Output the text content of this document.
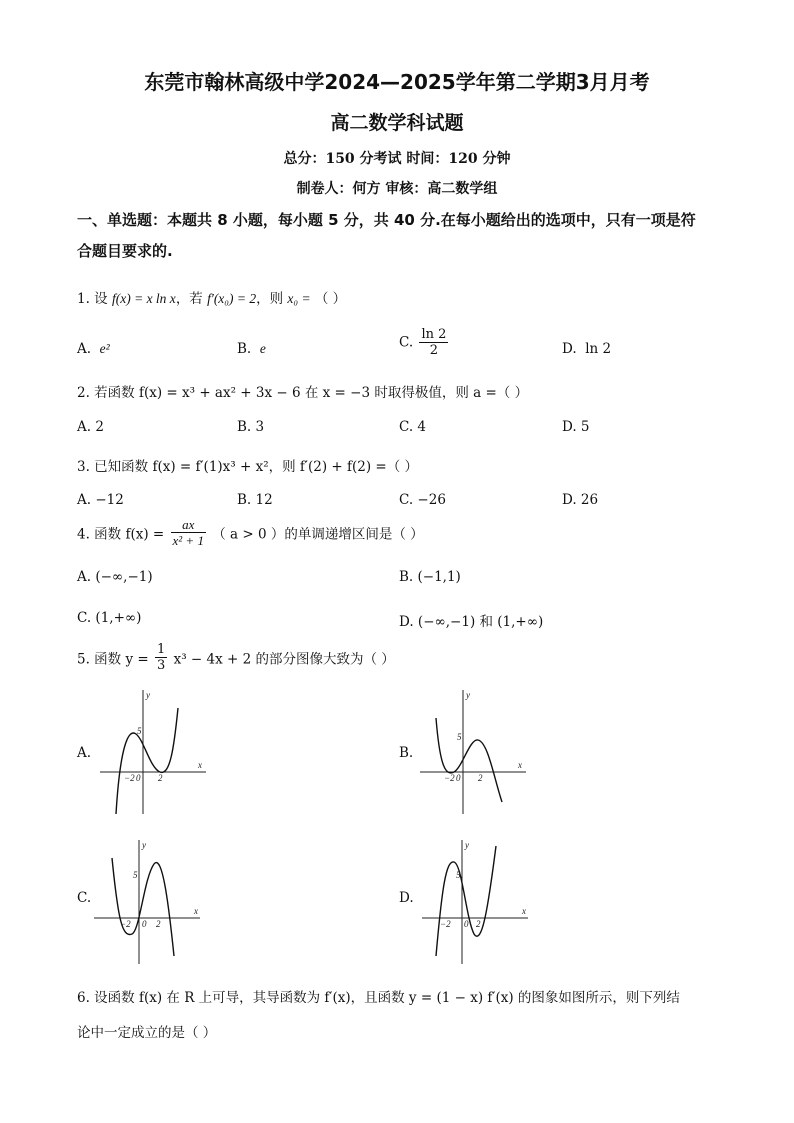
东莞市翰林高级中学2024—2025学年第二学期3月月考
高二数学科试题
总分：150 分考试 时间：120 分钟
制卷人：何方 审核：高二数学组
一、单选题：本题共 8 小题，每小题 5 分，共 40 分.在每小题给出的选项中，只有一项是符
合题目要求的.
1. 设 f(x) = x ln x，若 f′(x₀) = 2，则 x₀ = （ ）
A. e²	B. e	C. $\frac{\ln 2}{2}$	D. ln 2
2. 若函数 f(x) = x³ + ax² + 3x − 6 在 x = −3 时取得极值，则 a =（ ）
A. 2	B. 3	C. 4	D. 5
3. 已知函数 f(x) = f′(1)x³ + x²，则 f′(2) + f(2) =（ ）
A. −12	B. 12	C. −26	D. 26
4. 函数 $f(x) = \frac{ax}{\text{x² + 1}}$ （ a > 0 ）的单调递增区间是（ ）
A. (−∞,−1)	B. (−1,1)
C. (1,+∞)	D. (−∞,−1) 和 (1,+∞)
5. 函数 $y = \frac{1}{3} x^3 - 4x + 2$ 的部分图像大致为（ ）
A.	B.
C.	D.
5
−2 0 2
x
y
5
−2 0 2
x
y
5
−2 0 2
x
y
5
−2 0 2
x
y
6. 设函数 f(x) 在 R 上可导，其导函数为 f′(x)，且函数 y = (1 − x) f′(x) 的图象如图所示，则下列结
论中一定成立的是（ ）
